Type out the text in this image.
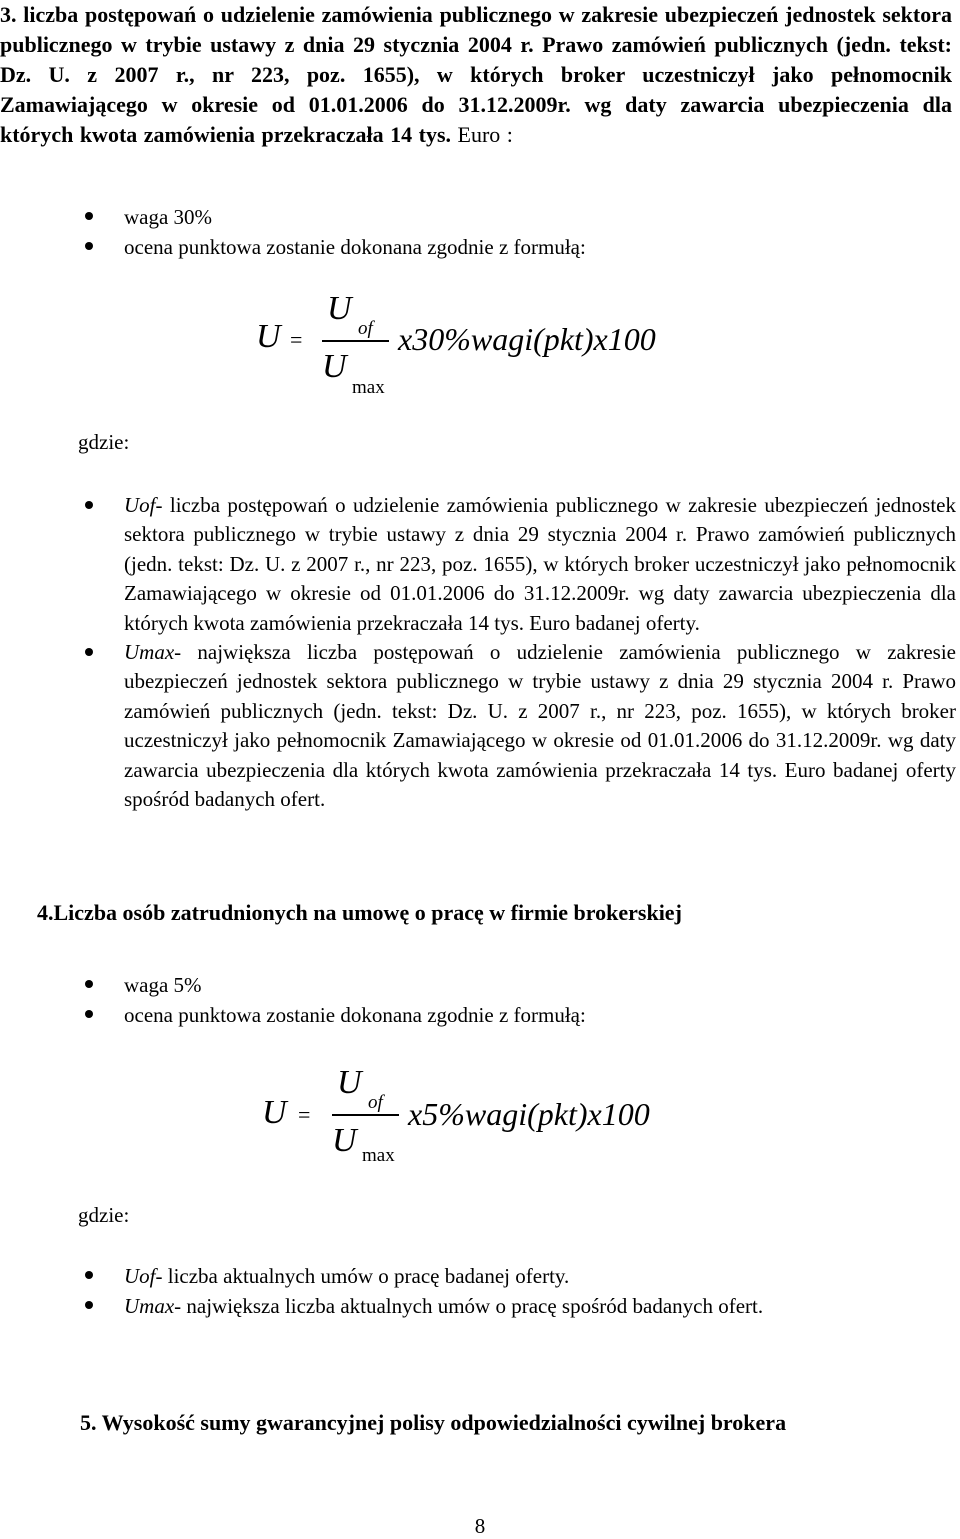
3. liczba postępowań o udzielenie zamówienia publicznego w zakresie ubezpieczeń jednostek sektora publicznego w trybie ustawy z dnia 29 stycznia 2004 r. Prawo zamówień publicznych (jedn. tekst: Dz. U. z 2007 r., nr 223, poz. 1655), w których broker uczestniczył jako pełnomocnik Zamawiającego w okresie od 01.01.2006 do 31.12.2009r. wg daty zawarcia ubezpieczenia dla których kwota zamówienia przekraczała 14 tys. Euro :
waga 30%
ocena punktowa zostanie dokonana zgodnie z formułą:
U =
U
of
U
max
x30%wagi(pkt)x100
gdzie:
Uof- liczba postępowań o udzielenie zamówienia publicznego w zakresie ubezpieczeń jednostek sektora publicznego w trybie ustawy z dnia 29 stycznia 2004 r. Prawo zamówień publicznych (jedn. tekst: Dz. U. z 2007 r., nr 223, poz. 1655), w których broker uczestniczył jako pełnomocnik Zamawiającego w okresie od 01.01.2006 do 31.12.2009r. wg daty zawarcia ubezpieczenia dla których kwota zamówienia przekraczała 14 tys. Euro badanej oferty.
Umax- największa liczba postępowań o udzielenie zamówienia publicznego w zakresie ubezpieczeń jednostek sektora publicznego w trybie ustawy z dnia 29 stycznia 2004 r. Prawo zamówień publicznych (jedn. tekst: Dz. U. z 2007 r., nr 223, poz. 1655), w których broker uczestniczył jako pełnomocnik Zamawiającego w okresie od 01.01.2006 do 31.12.2009r. wg daty zawarcia ubezpieczenia dla których kwota zamówienia przekraczała 14 tys. Euro badanej oferty spośród badanych ofert.
4.Liczba osób zatrudnionych na umowę o pracę w firmie brokerskiej
waga 5%
ocena punktowa zostanie dokonana zgodnie z formułą:
U =
U
of
U max
x5%wagi(pkt)x100
gdzie:
Uof- liczba aktualnych umów o pracę badanej oferty.
Umax- największa liczba aktualnych umów o pracę spośród badanych ofert.
5. Wysokość sumy gwarancyjnej polisy odpowiedzialności cywilnej brokera
8
